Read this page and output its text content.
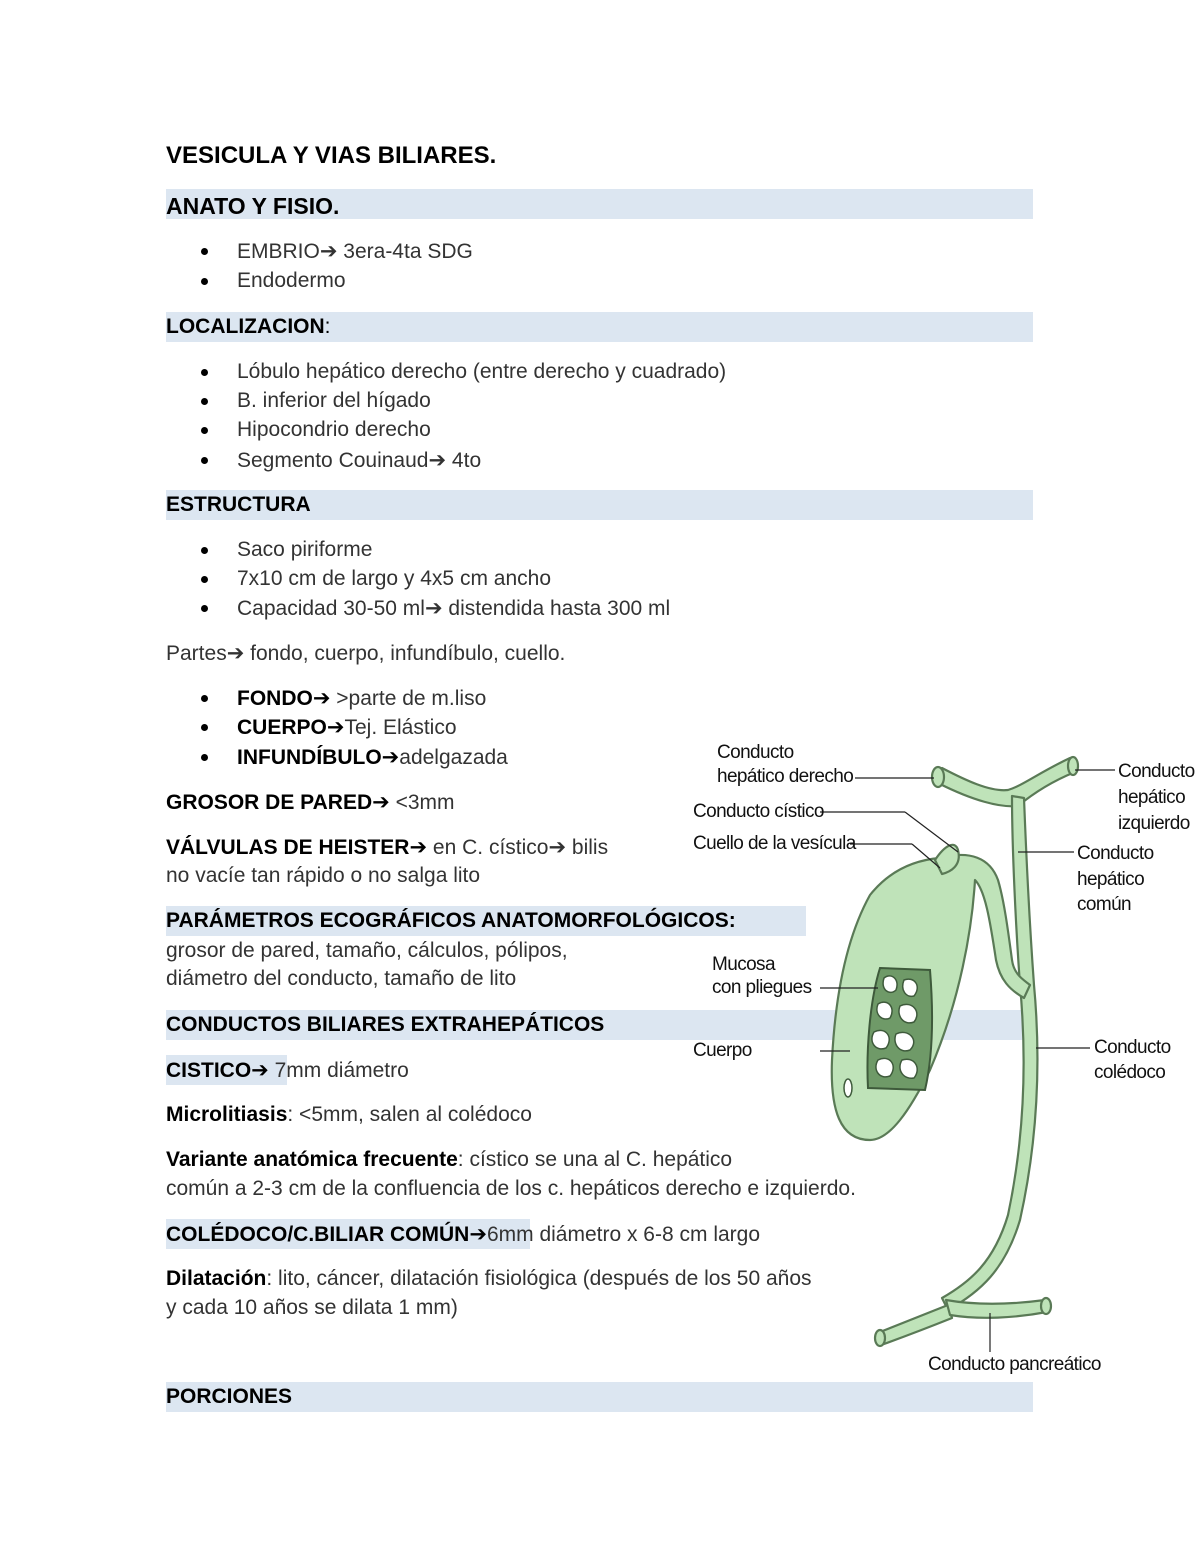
VESICULA Y VIAS BILIARES.
ANATO Y FISIO.
EMBRIO➔ 3era-4ta SDG
Endodermo
LOCALIZACION:
Lóbulo hepático derecho (entre derecho y cuadrado)
B. inferior del hígado
Hipocondrio derecho
Segmento Couinaud➔ 4to
ESTRUCTURA
Saco piriforme
7x10 cm de largo y 4x5 cm ancho
Capacidad 30-50 ml➔ distendida hasta 300 ml
Partes➔ fondo, cuerpo, infundíbulo, cuello.
FONDO➔ >parte de m.liso
CUERPO➔Tej. Elástico
INFUNDÍBULO➔adelgazada
GROSOR DE PARED➔ <3mm
VÁLVULAS DE HEISTER➔ en C. cístico➔ bilis
no vacíe tan rápido o no salga lito
PARÁMETROS ECOGRÁFICOS ANATOMORFOLÓGICOS:
grosor de pared, tamaño, cálculos, pólipos,
diámetro del conducto, tamaño de lito
CONDUCTOS BILIARES EXTRAHEPÁTICOS
CISTICO➔ 7mm diámetro
Microlitiasis: <5mm, salen al colédoco
Variante anatómica frecuente: cístico se una al C. hepático
común a 2-3 cm de la confluencia de los c. hepáticos derecho e izquierdo.
COLÉDOCO/C.BILIAR COMÚN➔6mm diámetro x 6-8 cm largo
Dilatación: lito, cáncer, dilatación fisiológica (después de los 50 años
y cada 10 años se dilata 1 mm)
PORCIONES
Conducto
hepático derecho
Conducto cístico
Cuello de la vesícula
Mucosa
con pliegues
Cuerpo
Conducto
hepático
izquierdo
Conducto
hepático
común
Conducto
colédoco
Conducto pancreático
